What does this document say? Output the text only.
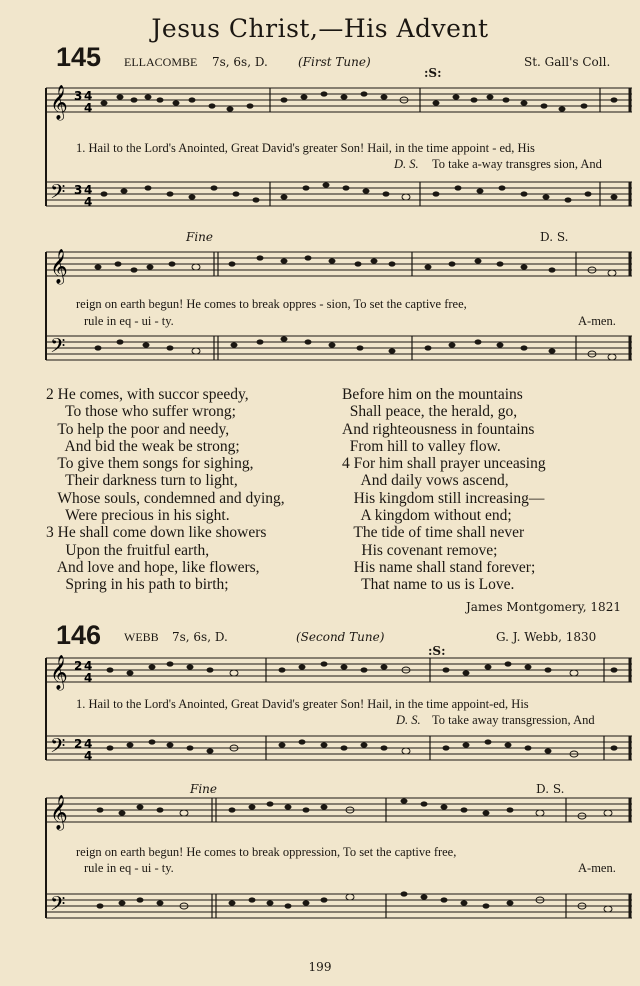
Jesus Christ,—His Advent
145 ELLACOMBE 7s, 6s, D.	(First Tune)	St. Gall's Coll.
:S:
𝄞
𝄢
3 4
4
3 4
4
1. Hail to the Lord's Anointed, Great David's greater Son! Hail, in the time appoint - ed, His
D. S. To take a-way transgres sion, And
Fine	D. S.
𝄞
𝄢
reign on earth begun! He comes to break oppres - sion, To set the captive free,
rule in eq - ui - ty.	A-men.
2 He comes, with succor speedy,
To those who suffer wrong;
To help the poor and needy,
And bid the weak be strong;
To give them songs for sighing,
Their darkness turn to light,
Whose souls, condemned and dying,
Were precious in his sight.
3 He shall come down like showers
Upon the fruitful earth,
And love and hope, like flowers,
Spring in his path to birth;
Before him on the mountains
Shall peace, the herald, go,
And righteousness in fountains
From hill to valley flow.
4 For him shall prayer unceasing
And daily vows ascend,
His kingdom still increasing—
A kingdom without end;
The tide of time shall never
His covenant remove;
His name shall stand forever;
That name to us is Love.
James Montgomery, 1821
146 WEBB 7s, 6s, D.	(Second Tune)	G. J. Webb, 1830
:S:
𝄞
𝄢
2 4
4
2 4
4
1. Hail to the Lord's Anointed, Great David's greater Son! Hail, in the time appoint-ed, His
D. S. To take away transgression, And
Fine	D. S.
𝄞
𝄢
reign on earth begun! He comes to break oppression, To set the captive free,
rule in eq - ui - ty.	A-men.
199
